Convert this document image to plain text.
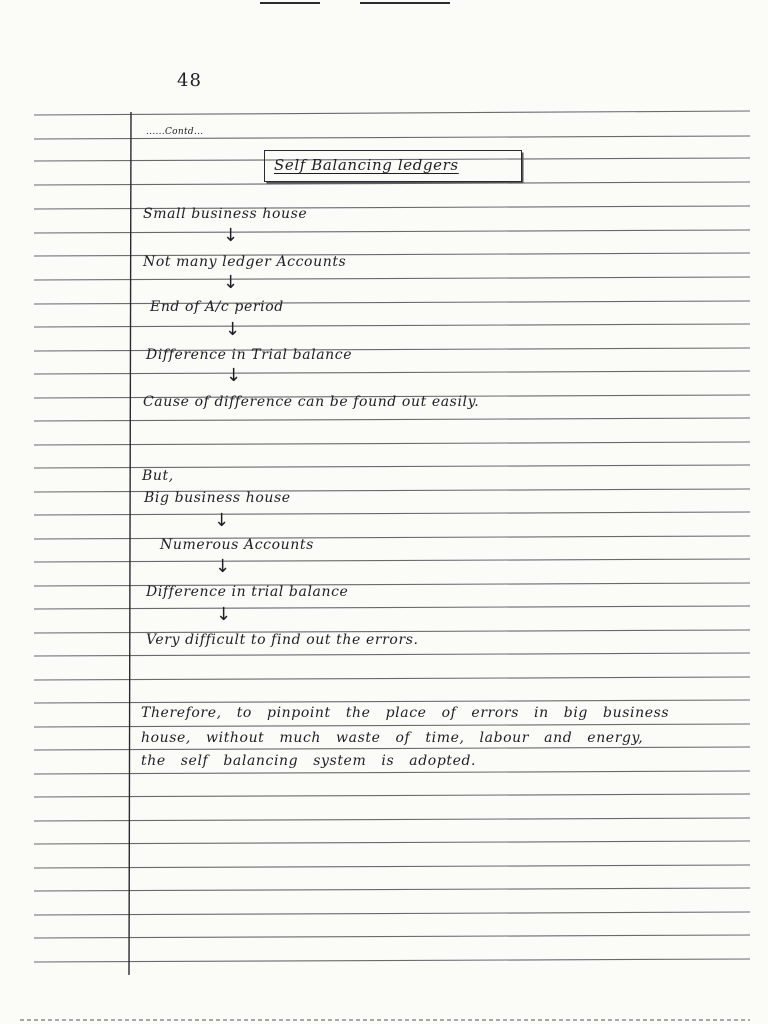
48
......Contd...
Self Balancing ledgers
Small business house
↓
Not many ledger Accounts
↓
End of A/c period
↓
Difference in Trial balance
↓
Cause of difference can be found out easily.
But,
Big business house
↓
Numerous Accounts
↓
Difference in trial balance
↓
Very difficult to find out the errors.
Therefore, to pinpoint the place of errors in big business
house, without much waste of time, labour and energy,
the self balancing system is adopted.
